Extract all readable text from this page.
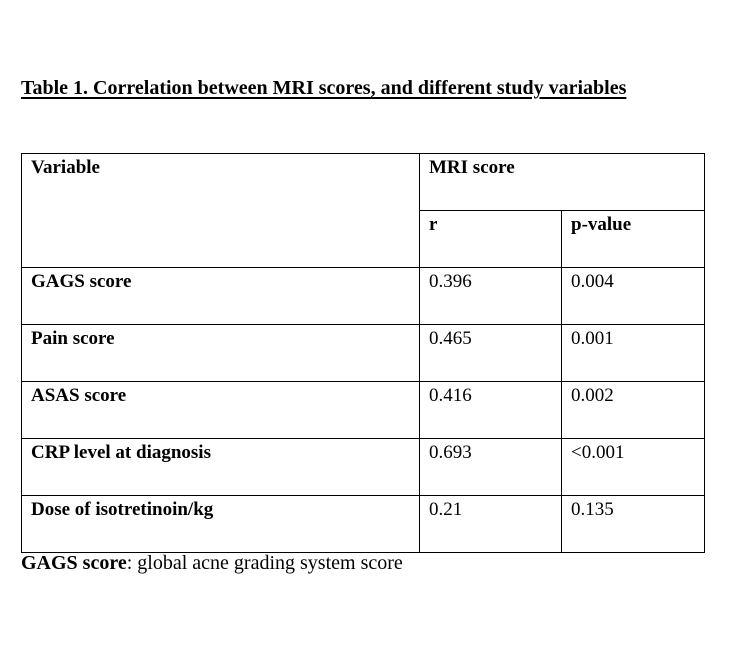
Table 1. Correlation between MRI scores, and different study variables

Variable	MRI score	
	r	p-value
GAGS score	0.396	0.004
Pain score	0.465	0.001
ASAS score	0.416	0.002
CRP level at diagnosis	0.693	<0.001
Dose of isotretinoin/kg	0.21	0.135

GAGS score: global acne grading system score
